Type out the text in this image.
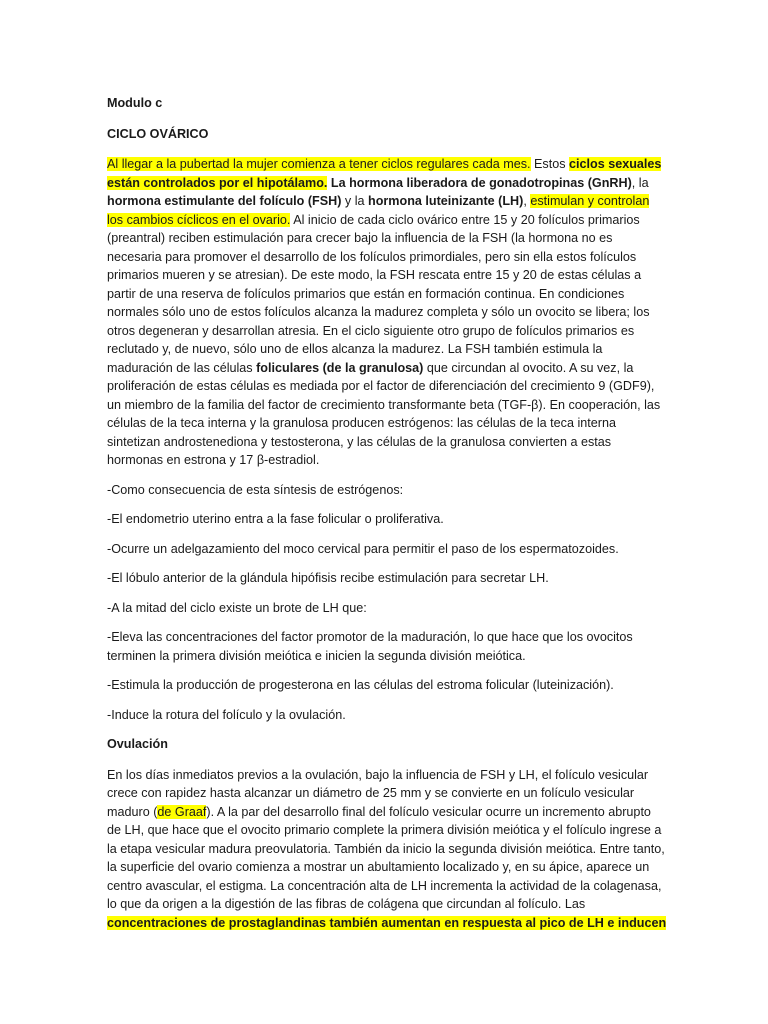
Modulo c

CICLO OVÁRICO

Al llegar a la pubertad la mujer comienza a tener ciclos regulares cada mes. Estos ciclos sexuales están controlados por el hipotálamo. La hormona liberadora de gonadotropinas (GnRH), la hormona estimulante del folículo (FSH) y la hormona luteinizante (LH), estimulan y controlan los cambios cíclicos en el ovario. Al inicio de cada ciclo ovárico entre 15 y 20 folículos primarios (preantral) reciben estimulación para crecer bajo la influencia de la FSH (la hormona no es necesaria para promover el desarrollo de los folículos primordiales, pero sin ella estos folículos primarios mueren y se atresian). De este modo, la FSH rescata entre 15 y 20 de estas células a partir de una reserva de folículos primarios que están en formación continua. En condiciones normales sólo uno de estos folículos alcanza la madurez completa y sólo un ovocito se libera; los otros degeneran y desarrollan atresia. En el ciclo siguiente otro grupo de folículos primarios es reclutado y, de nuevo, sólo uno de ellos alcanza la madurez. La FSH también estimula la maduración de las células foliculares (de la granulosa) que circundan al ovocito. A su vez, la proliferación de estas células es mediada por el factor de diferenciación del crecimiento 9 (GDF9), un miembro de la familia del factor de crecimiento transformante beta (TGF-β). En cooperación, las células de la teca interna y la granulosa producen estrógenos: las células de la teca interna sintetizan androstenediona y testosterona, y las células de la granulosa convierten a estas hormonas en estrona y 17 β-estradiol.

-Como consecuencia de esta síntesis de estrógenos:

-El endometrio uterino entra a la fase folicular o proliferativa.

-Ocurre un adelgazamiento del moco cervical para permitir el paso de los espermatozoides.

-El lóbulo anterior de la glándula hipófisis recibe estimulación para secretar LH.

-A la mitad del ciclo existe un brote de LH que:

-Eleva las concentraciones del factor promotor de la maduración, lo que hace que los ovocitos terminen la primera división meiótica e inicien la segunda división meiótica.

-Estimula la producción de progesterona en las células del estroma folicular (luteinización).

-Induce la rotura del folículo y la ovulación.

Ovulación

En los días inmediatos previos a la ovulación, bajo la influencia de FSH y LH, el folículo vesicular crece con rapidez hasta alcanzar un diámetro de 25 mm y se convierte en un folículo vesicular maduro (de Graaf). A la par del desarrollo final del folículo vesicular ocurre un incremento abrupto de LH, que hace que el ovocito primario complete la primera división meiótica y el folículo ingrese a la etapa vesicular madura preovulatoria. También da inicio la segunda división meiótica. Entre tanto, la superficie del ovario comienza a mostrar un abultamiento localizado y, en su ápice, aparece un centro avascular, el estigma. La concentración alta de LH incrementa la actividad de la colagenasa, lo que da origen a la digestión de las fibras de colágena que circundan al folículo. Las concentraciones de prostaglandinas también aumentan en respuesta al pico de LH e inducen
